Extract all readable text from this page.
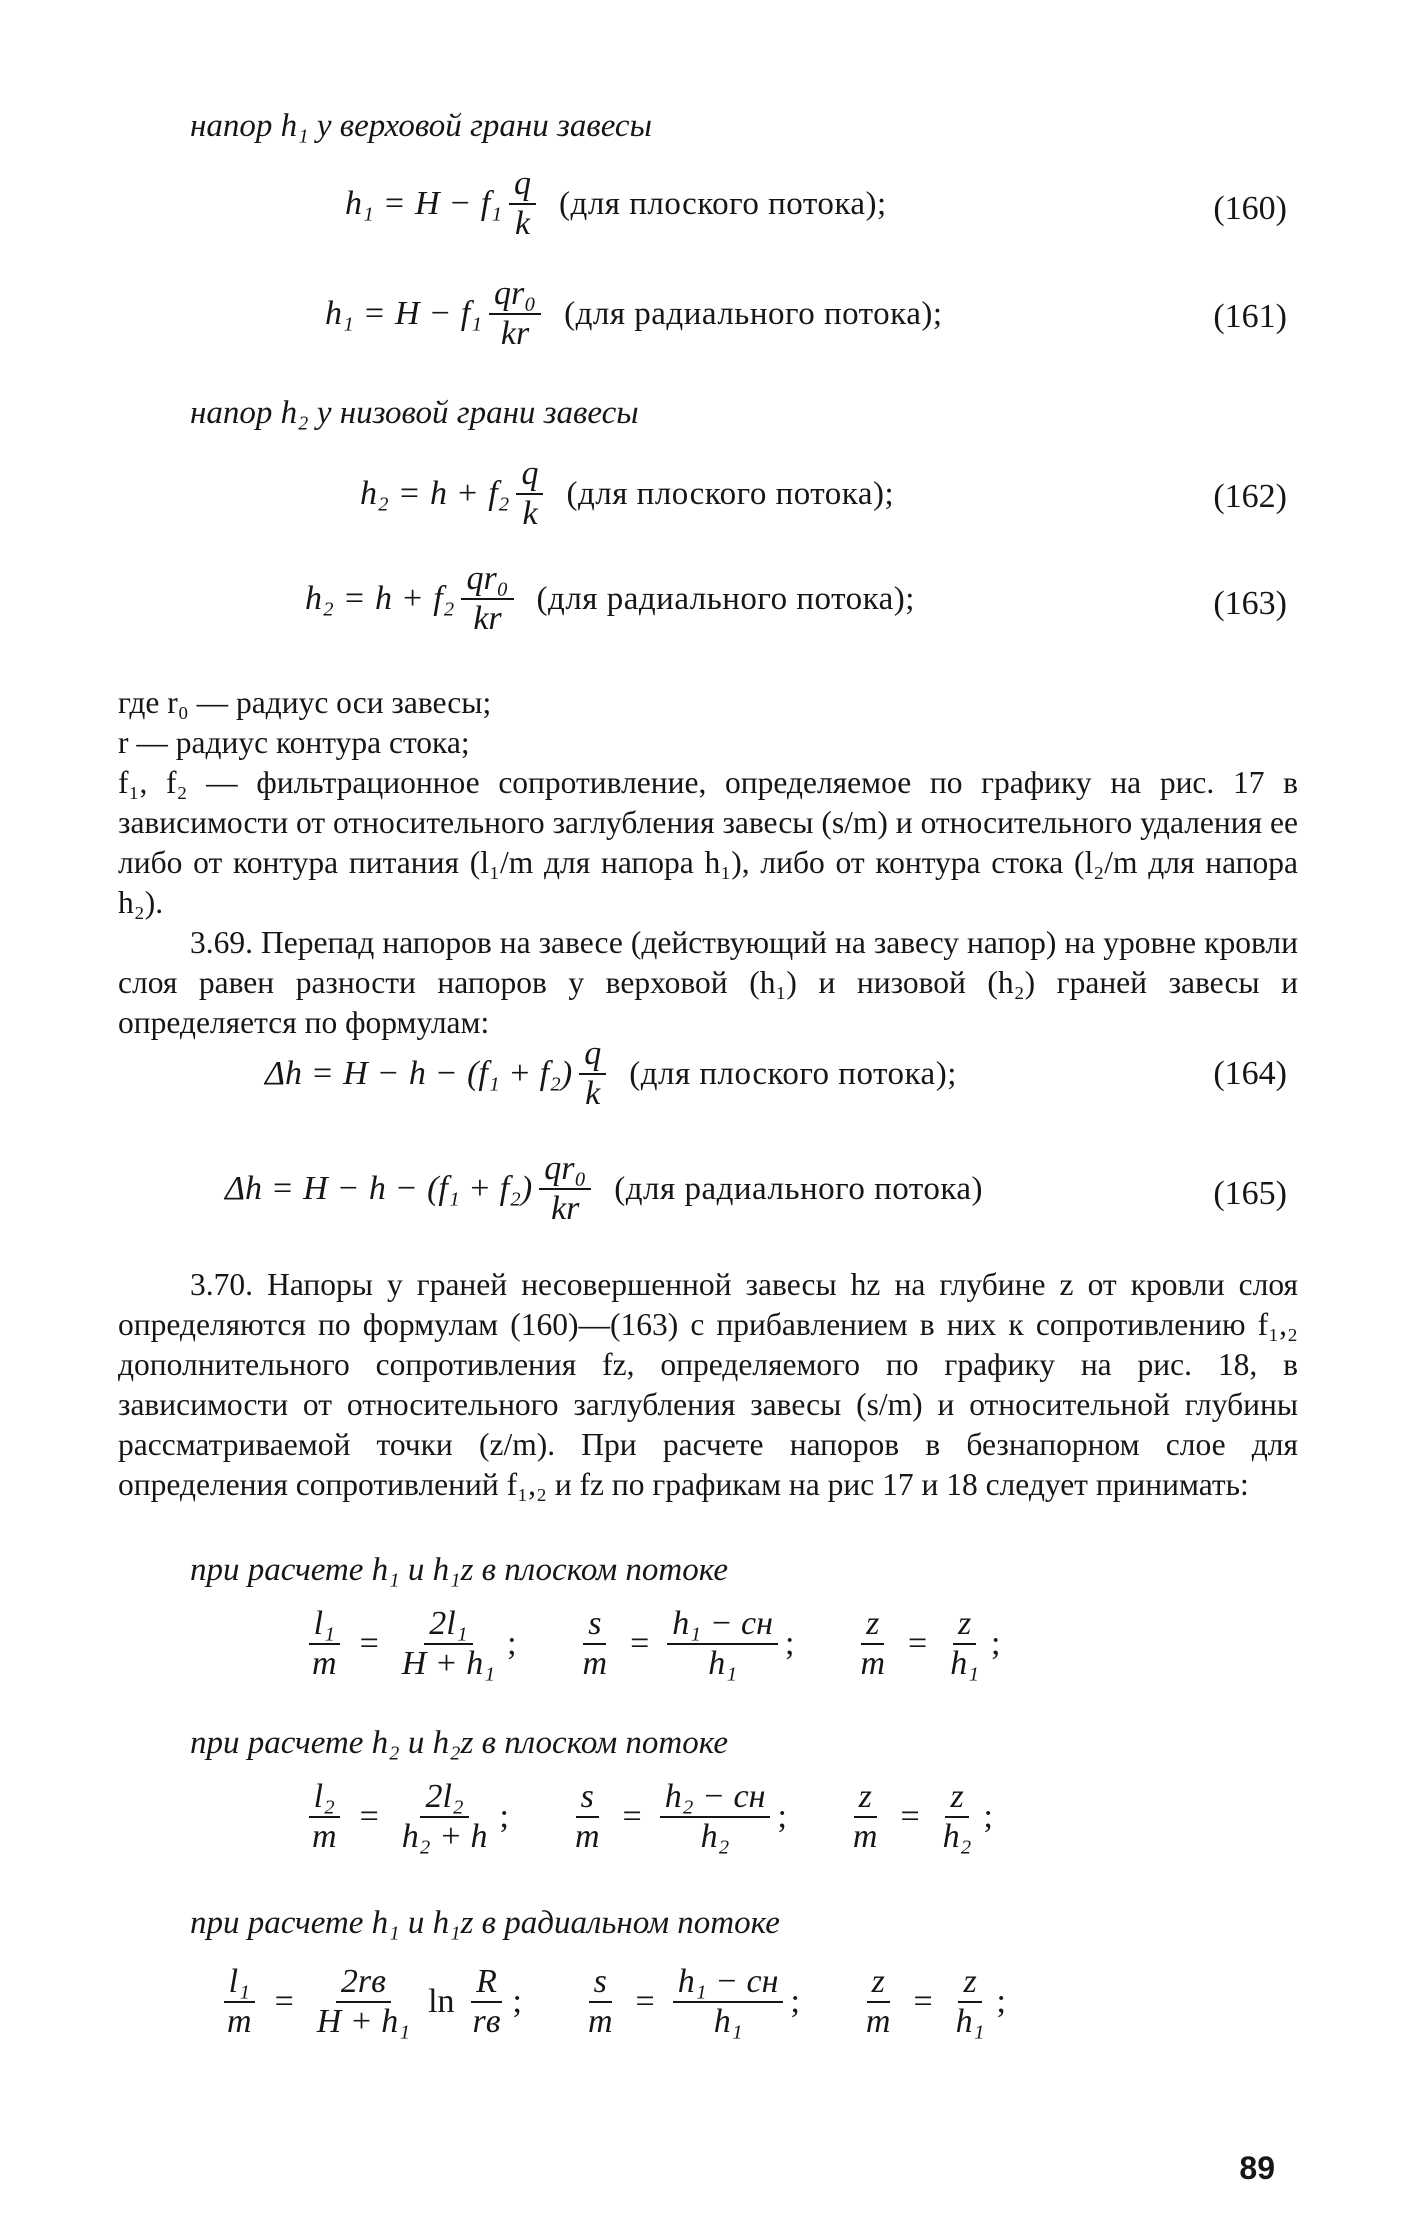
напор h₁ у верховой грани завесы
$h_1 = H - f_1 \frac{q}{k} (для$ плоского потока);	(160)
$h_1 = H - f_1 \frac{\text{qr₀}}{kr} (для$ радиального потока);	(161)
напор h₂ у низовой грани завесы
$h_2 = h + f_2 \frac{q}{k} (для$ плоского потока);	(162)
$h_2 = h + f_2 \frac{\text{qr₀}}{kr} (для$ радиального потока);	(163)

где r₀ — радиус оси завесы;

r — радиус контура стока;

f₁, f₂ — фильтрационное сопротивление, определяемое по графику на рис. 17 в зависимости от относительного заглубления завесы (s/m) и относительного удаления ее либо от контура питания (l₁/m для напора h₁), либо от контура стока (l₂/m для напора h₂).

3.69. Перепад напоров на завесе (действующий на завесу напор) на уровне кровли слоя равен разности напоров у верховой (h₁) и низовой (h₂) граней завесы и определяется по формулам:

$\Delta h = H - h - (f_1 + f_2) \frac{q}{k} (для$ плоского потока);	(164)
$\Delta h = H - h - (f_1 + f_2) \frac{\text{qr₀}}{kr} (для$ радиального потока)	(165)

3.70. Напоры у граней несовершенной завесы hz на глубине z от кровли слоя определяются по формулам (160)—(163) с прибавлением в них к сопротивлению f₁,₂ дополнительного сопротивления fz, определяемого по графику на рис. 18, в зависимости от относительного заглубления завесы (s/m) и относительной глубины рассматриваемой точки (z/m). При расчете напоров в безнапорном слое для определения сопротивлений f₁,₂ и fz по графикам на рис 17 и 18 следует принимать:

при расчете h₁ и h₁z в плоском потоке
$\frac{\text{l₁}}{m} = \frac{\text{2l₁}}{\text{H + h₁}}$ ; $\frac{s}{m} = \frac{\text{h₁ − cн}}{\text{h₁}}$ ; $\frac{z}{m} = \frac{z}{\text{h₁}}$ ;
при расчете h₂ и h₂z в плоском потоке
$\frac{\text{l₂}}{m} = \frac{\text{2l₂}}{\text{h₂ + h}}$ ; $\frac{s}{m} = \frac{\text{h₂ − cн}}{\text{h₂}}$ ; $\frac{z}{m} = \frac{z}{\text{h₂}}$ ;
при расчете h₁ и h₁z в радиальном потоке
$\frac{\text{l₁}}{m} = \frac{2rв}{\text{H + h₁}}$ $\ln \frac{R}{rв}$ ; $\frac{s}{m} = \frac{\text{h₁ − cн}}{\text{h₁}}$ ; $\frac{z}{m} = \frac{z}{\text{h₁}}$ ;
89
